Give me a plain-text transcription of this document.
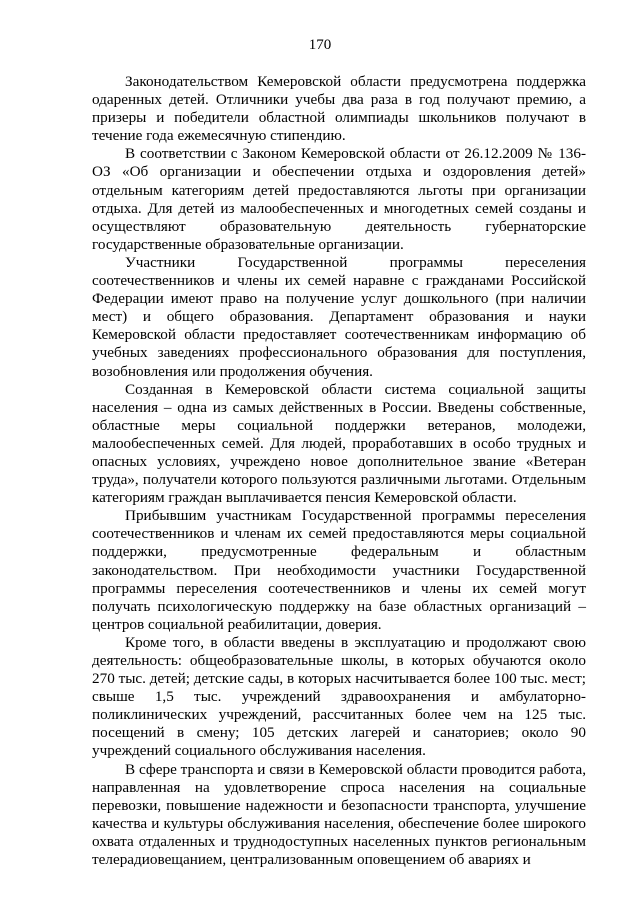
170

Законодательством Кемеровской области предусмотрена поддержка одаренных детей. Отличники учебы два раза в год получают премию, а призеры и победители областной олимпиады школьников получают в течение года ежемесячную стипендию.

В соответствии с Законом Кемеровской области от 26.12.2009 № 136-ОЗ «Об организации и обеспечении отдыха и оздоровления детей» отдельным категориям детей предоставляются льготы при организации отдыха. Для детей из малообеспеченных и многодетных семей созданы и осуществляют образовательную деятельность губернаторские государственные образовательные организации.

Участники Государственной программы переселения соотечественников и члены их семей наравне с гражданами Российской Федерации имеют право на получение услуг дошкольного (при наличии мест) и общего образования. Департамент образования и науки Кемеровской области предоставляет соотечественникам информацию об учебных заведениях профессионального образования для поступления, возобновления или продолжения обучения.

Созданная в Кемеровской области система социальной защиты населения – одна из самых действенных в России. Введены собственные, областные меры социальной поддержки ветеранов, молодежи, малообеспеченных семей. Для людей, проработавших в особо трудных и опасных условиях, учреждено новое дополнительное звание «Ветеран труда», получатели которого пользуются различными льготами. Отдельным категориям граждан выплачивается пенсия Кемеровской области.

Прибывшим участникам Государственной программы переселения соотечественников и членам их семей предоставляются меры социальной поддержки, предусмотренные федеральным и областным законодательством. При необходимости участники Государственной программы переселения соотечественников и члены их семей могут получать психологическую поддержку на базе областных организаций – центров социальной реабилитации, доверия.

Кроме того, в области введены в эксплуатацию и продолжают свою деятельность: общеобразовательные школы, в которых обучаются около 270 тыс. детей; детские сады, в которых насчитывается более 100 тыс. мест; свыше 1,5 тыс. учреждений здравоохранения и амбулаторно-поликлинических учреждений, рассчитанных более чем на 125 тыс. посещений в смену; 105 детских лагерей и санаториев; около 90 учреждений социального обслуживания населения.

В сфере транспорта и связи в Кемеровской области проводится работа, направленная на удовлетворение спроса населения на социальные перевозки, повышение надежности и безопасности транспорта, улучшение качества и культуры обслуживания населения, обеспечение более широкого охвата отдаленных и труднодоступных населенных пунктов региональным телерадиовещанием, централизованным оповещением об авариях и
